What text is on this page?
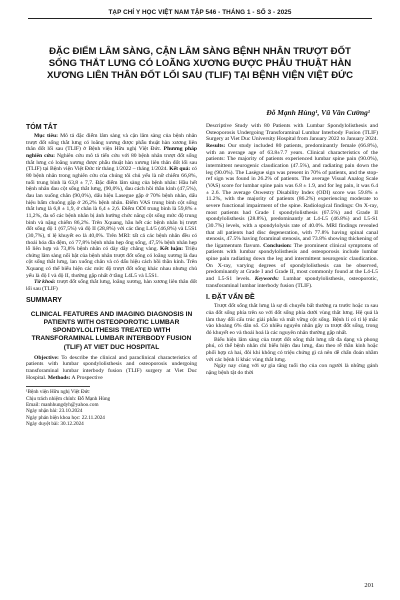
TẠP CHÍ Y HỌC VIỆT NAM TẬP 546 - THÁNG 1 - SỐ 3 - 2025
ĐẶC ĐIỂM LÂM SÀNG, CẬN LÂM SÀNG BỆNH NHÂN TRƯỢT ĐỐT SỐNG THẮT LƯNG CÓ LOÃNG XƯƠNG ĐƯỢC PHẪU THUẬT HÀN XƯƠNG LIÊN THÂN ĐỐT LỐI SAU (TLIF) TẠI BỆNH VIỆN VIỆT ĐỨC
Đỗ Mạnh Hùng¹, Vũ Văn Cường¹
TÓM TẮT

Mục tiêu: Mô tả đặc điểm lâm sàng và cận lâm sàng của bệnh nhân trượt đốt sống thắt lưng có loãng xương được phẫu thuật hàn xương liên thân đốt lối sau (TLIF) ở Bệnh viện Hữu nghị Việt Đức. Phương pháp nghiên cứu: Nghiên cứu mô tả tiến cứu với 80 bệnh nhân trượt đốt sống thắt lưng có loãng xương được phẫu thuật hàn xương liên thân đốt lối sau (TLIF) tại Bệnh viện Việt Đức từ tháng 1/2022 – tháng 1/2024. Kết quả: có 80 bệnh nhân trong nghiên cứu của chúng tôi chủ yếu là nữ chiếm 66,8%, tuổi trung bình là 63,8 ± 7,7. Đặc điểm lâm sàng của bệnh nhân: Hầu hết bệnh nhân đau cột sống thắt lưng, (90,0%), đau cách hồi thần kinh (47,5%), đau lan xuống chân (90,0%), dấu hiệu Lasegue gặp ở 70% bệnh nhân, dấu hiệu bấm chuông gặp ở 26,2% bệnh nhân. Điểm VAS trung bình cột sống thắt lưng là 6,8 ± 1,9, ở chân là 6,4 ± 2,6. Điểm ODI trung bình là 59,8% ± 11,2%, đa số các bệnh nhân bị ảnh hưởng chức năng cột sống mức độ trung bình và nặng chiếm 86,2%. Trên Xquang, hầu hết các bệnh nhân bị trượt đốt sống độ 1 (67,5%) và độ II (28,8%) với các tầng L4/5 (46,8%) và L5S1 (30,7%), tỉ lệ khuyết eo là 40,0%. Trên MRI: tất cả các bệnh nhân đều có thoái hóa đĩa đệm, có 77,8% bệnh nhân hẹp ống sống, 47,5% bệnh nhân hẹp lỗ liên hợp và 73,8% bệnh nhân có dày dây chằng vàng. Kết luận: Triệu chứng lâm sàng nổi bật của bệnh nhân trượt đốt sống có loãng xương là đau cột sống thắt lưng, lan xuống chân và có dấu hiệu cách hồi thần kinh. Trên Xquang có thể biểu hiện các mức độ trượt đốt sống khác nhau nhưng chủ yếu là độ I và độ II, thường gặp nhất ở tầng L4L5 và L5S1.

Từ khoá: trượt đốt sống thắt lưng, loãng xương, hàn xương liên thân đốt lối sau (TLIF)

SUMMARY
CLINICAL FEATURES AND IMAGING DIAGNOSIS IN PATIENTS WITH OSTEOPOROTIC LUMBAR SPONDYLOLITHESIS TREATED WITH TRANSFORAMINAL LUMBAR INTERBODY FUSION (TLIF) AT VIET DUC HOSPITAL

Objective: To describe the clinical and paraclinical characteristics of patients with lumbar spondylolisthesis and osteoporosis undergoing transforaminal lumbar interbody fusion (TLIF) surgery at Viet Duc Hospital. Methods: A Prospective

¹Bệnh viện Hữu nghị Việt Đức

Chịu trách nhiệm chính: Đỗ Mạnh Hùng

Email: manhhungdyh@yahoo.com

Ngày nhận bài: 23.10.2024

Ngày phản biện khoa học: 22.11.2024

Ngày duyệt bài: 30.12.2024

Descriptive Study with 80 Patients with Lumbar Spondylolisthesis and Osteoporosis Undergoing Transforaminal Lumbar Interbody Fusion (TLIF) Surgery at Viet Duc University Hospital from January 2022 to January 2024. Results: Our study included 80 patients, predominantly female (66.8%), with an average age of 63.8±7.7 years. Clinical characteristics of the patients: The majority of patients experienced lumbar spine pain (90.0%), intermittent neurogenic claudication (47.5%), and radiating pain down the leg (90.0%). The Lasègue sign was present in 70% of patients, and the stop-ref sign was found in 26.2% of patients. The average Visual Analog Scale (VAS) score for lumbar spine pain was 6.8 ± 1.9, and for leg pain, it was 6.4 ± 2.6. The average Oswestry Disability Index (ODI) score was 59.8% ± 11.2%, with the majority of patients (86.2%) experiencing moderate to severe functional impairment of the spine. Radiological findings: On X-ray, most patients had Grade I spondylolisthesis (67.5%) and Grade II spondylolisthesis (28.8%), predominantly at L4-L5 (46.8%) and L5-S1 (30.7%) levels, with a spondylolysis rate of 40.0%. MRI findings revealed that all patients had disc degeneration, with 77.8% having spinal canal stenosis, 47.5% having foraminal stenosis, and 73.8% showing thickening of the ligamentum flavum. Conclusion: The prominent clinical symptoms of patients with lumbar spondylolisthesis and osteoporosis include lumbar spine pain radiating down the leg and intermittent neurogenic claudication. On X-ray, varying degrees of spondylolisthesis can be observed, predominantly at Grade I and Grade II, most commonly found at the L4-L5 and L5-S1 levels. Keywords: Lumbar spondylolisthesis, osteoporotic, transforaminal lumbar interbody fusion (TLIF).

I. ĐẶT VẤN ĐỀ

Trượt đốt sống thắt lưng là sự di chuyển bất thường ra trước hoặc ra sau của đốt sống phía trên so với đốt sống phía dưới vùng thắt lưng. Hệ quả là làm thay đổi cấu trúc giải phẫu và mất vững cột sống. Bệnh lí có tỉ lệ mắc vào khoảng 6% dân số. Có nhiều nguyên nhân gây ra trượt đốt sống, trong đó khuyết eo và thoái hoá là các nguyên nhân thường gặp nhất.

Biểu hiện lâm sàng của trượt đốt sống thắt lưng rất đa dạng và phong phú, có thể bệnh nhân chỉ biểu hiện đau lưng, đau theo rễ thần kinh hoặc phối hợp cả hai, đôi khi không có triệu chứng gì cả nên dễ chẩn đoán nhầm với các bệnh lí khác vùng thắt lưng.

Ngày nay cùng với sự gia tăng tuổi thọ của con người là những gánh nặng bệnh tật do thời

201
